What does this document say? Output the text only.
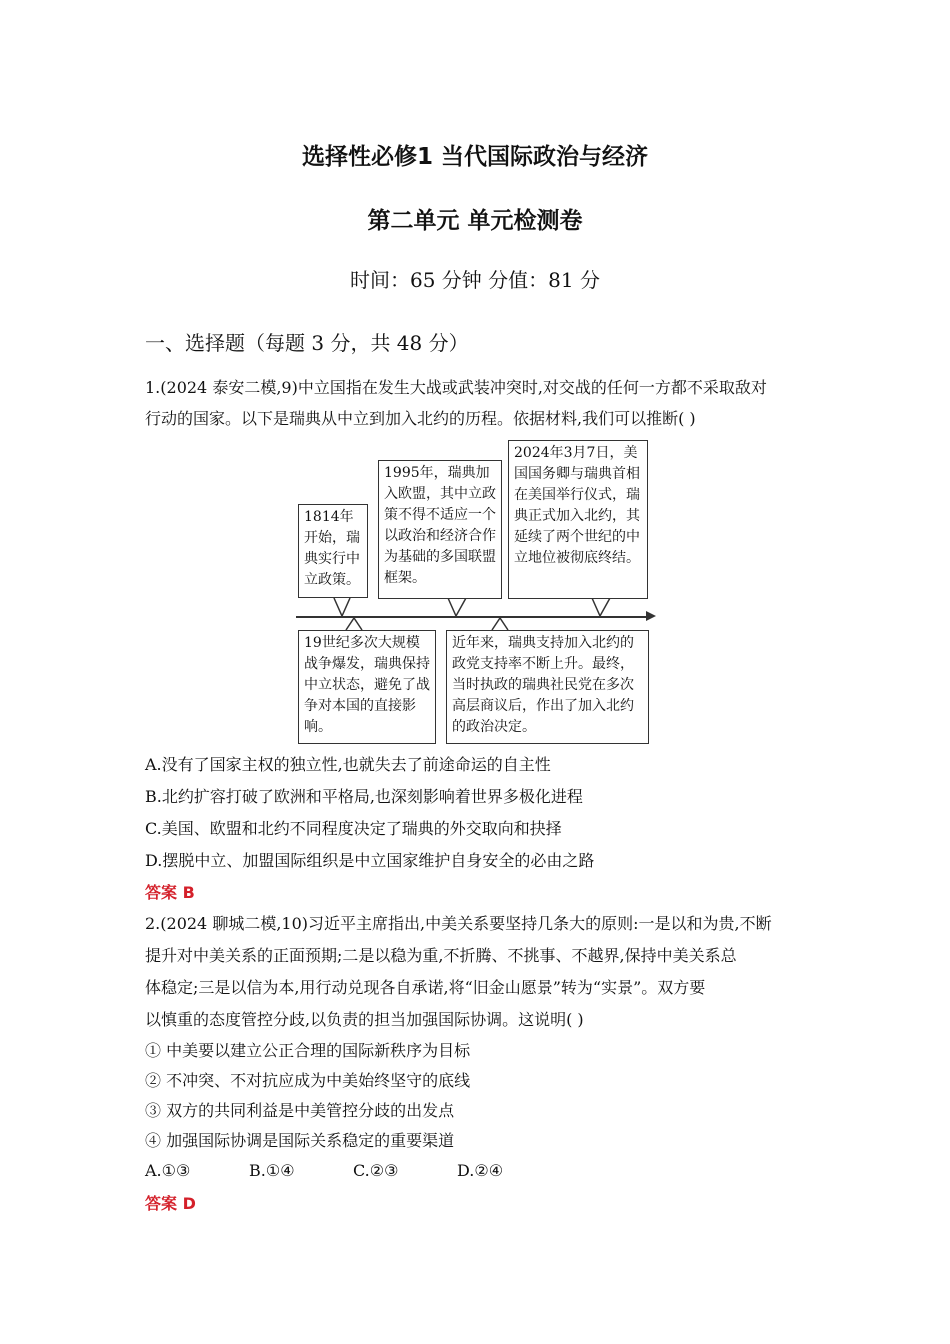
选择性必修1 当代国际政治与经济
第二单元 单元检测卷
时间：65 分钟 分值：81 分
一、选择题（每题 3 分，共 48 分）
1.(2024 泰安二模,9)中立国指在发生大战或武装冲突时,对交战的任何一方都不采取敌对
行动的国家。以下是瑞典从中立到加入北约的历程。依据材料,我们可以推断( )
1814年开始，瑞典实行中立政策。
1995年，瑞典加入欧盟，其中立政策不得不适应一个以政治和经济合作为基础的多国联盟框架。
2024年3月7日，美国国务卿与瑞典首相在美国举行仪式，瑞典正式加入北约，其延续了两个世纪的中立地位被彻底终结。
19世纪多次大规模战争爆发，瑞典保持中立状态，避免了战争对本国的直接影响。
近年来，瑞典支持加入北约的政党支持率不断上升。最终，当时执政的瑞典社民党在多次高层商议后，作出了加入北约的政治决定。
A.没有了国家主权的独立性,也就失去了前途命运的自主性
B.北约扩容打破了欧洲和平格局,也深刻影响着世界多极化进程
C.美国、欧盟和北约不同程度决定了瑞典的外交取向和抉择
D.摆脱中立、加盟国际组织是中立国家维护自身安全的必由之路
答案 B
2.(2024 聊城二模,10)习近平主席指出,中美关系要坚持几条大的原则:一是以和为贵,不断
提升对中美关系的正面预期;二是以稳为重,不折腾、不挑事、不越界,保持中美关系总
体稳定;三是以信为本,用行动兑现各自承诺,将“旧金山愿景”转为“实景”。双方要
以慎重的态度管控分歧,以负责的担当加强国际协调。这说明( )
① 中美要以建立公正合理的国际新秩序为目标
② 不冲突、不对抗应成为中美始终坚守的底线
③ 双方的共同利益是中美管控分歧的出发点
④ 加强国际协调是国际关系稳定的重要渠道
A.①③	B.①④	C.②③	D.②④
答案 D
